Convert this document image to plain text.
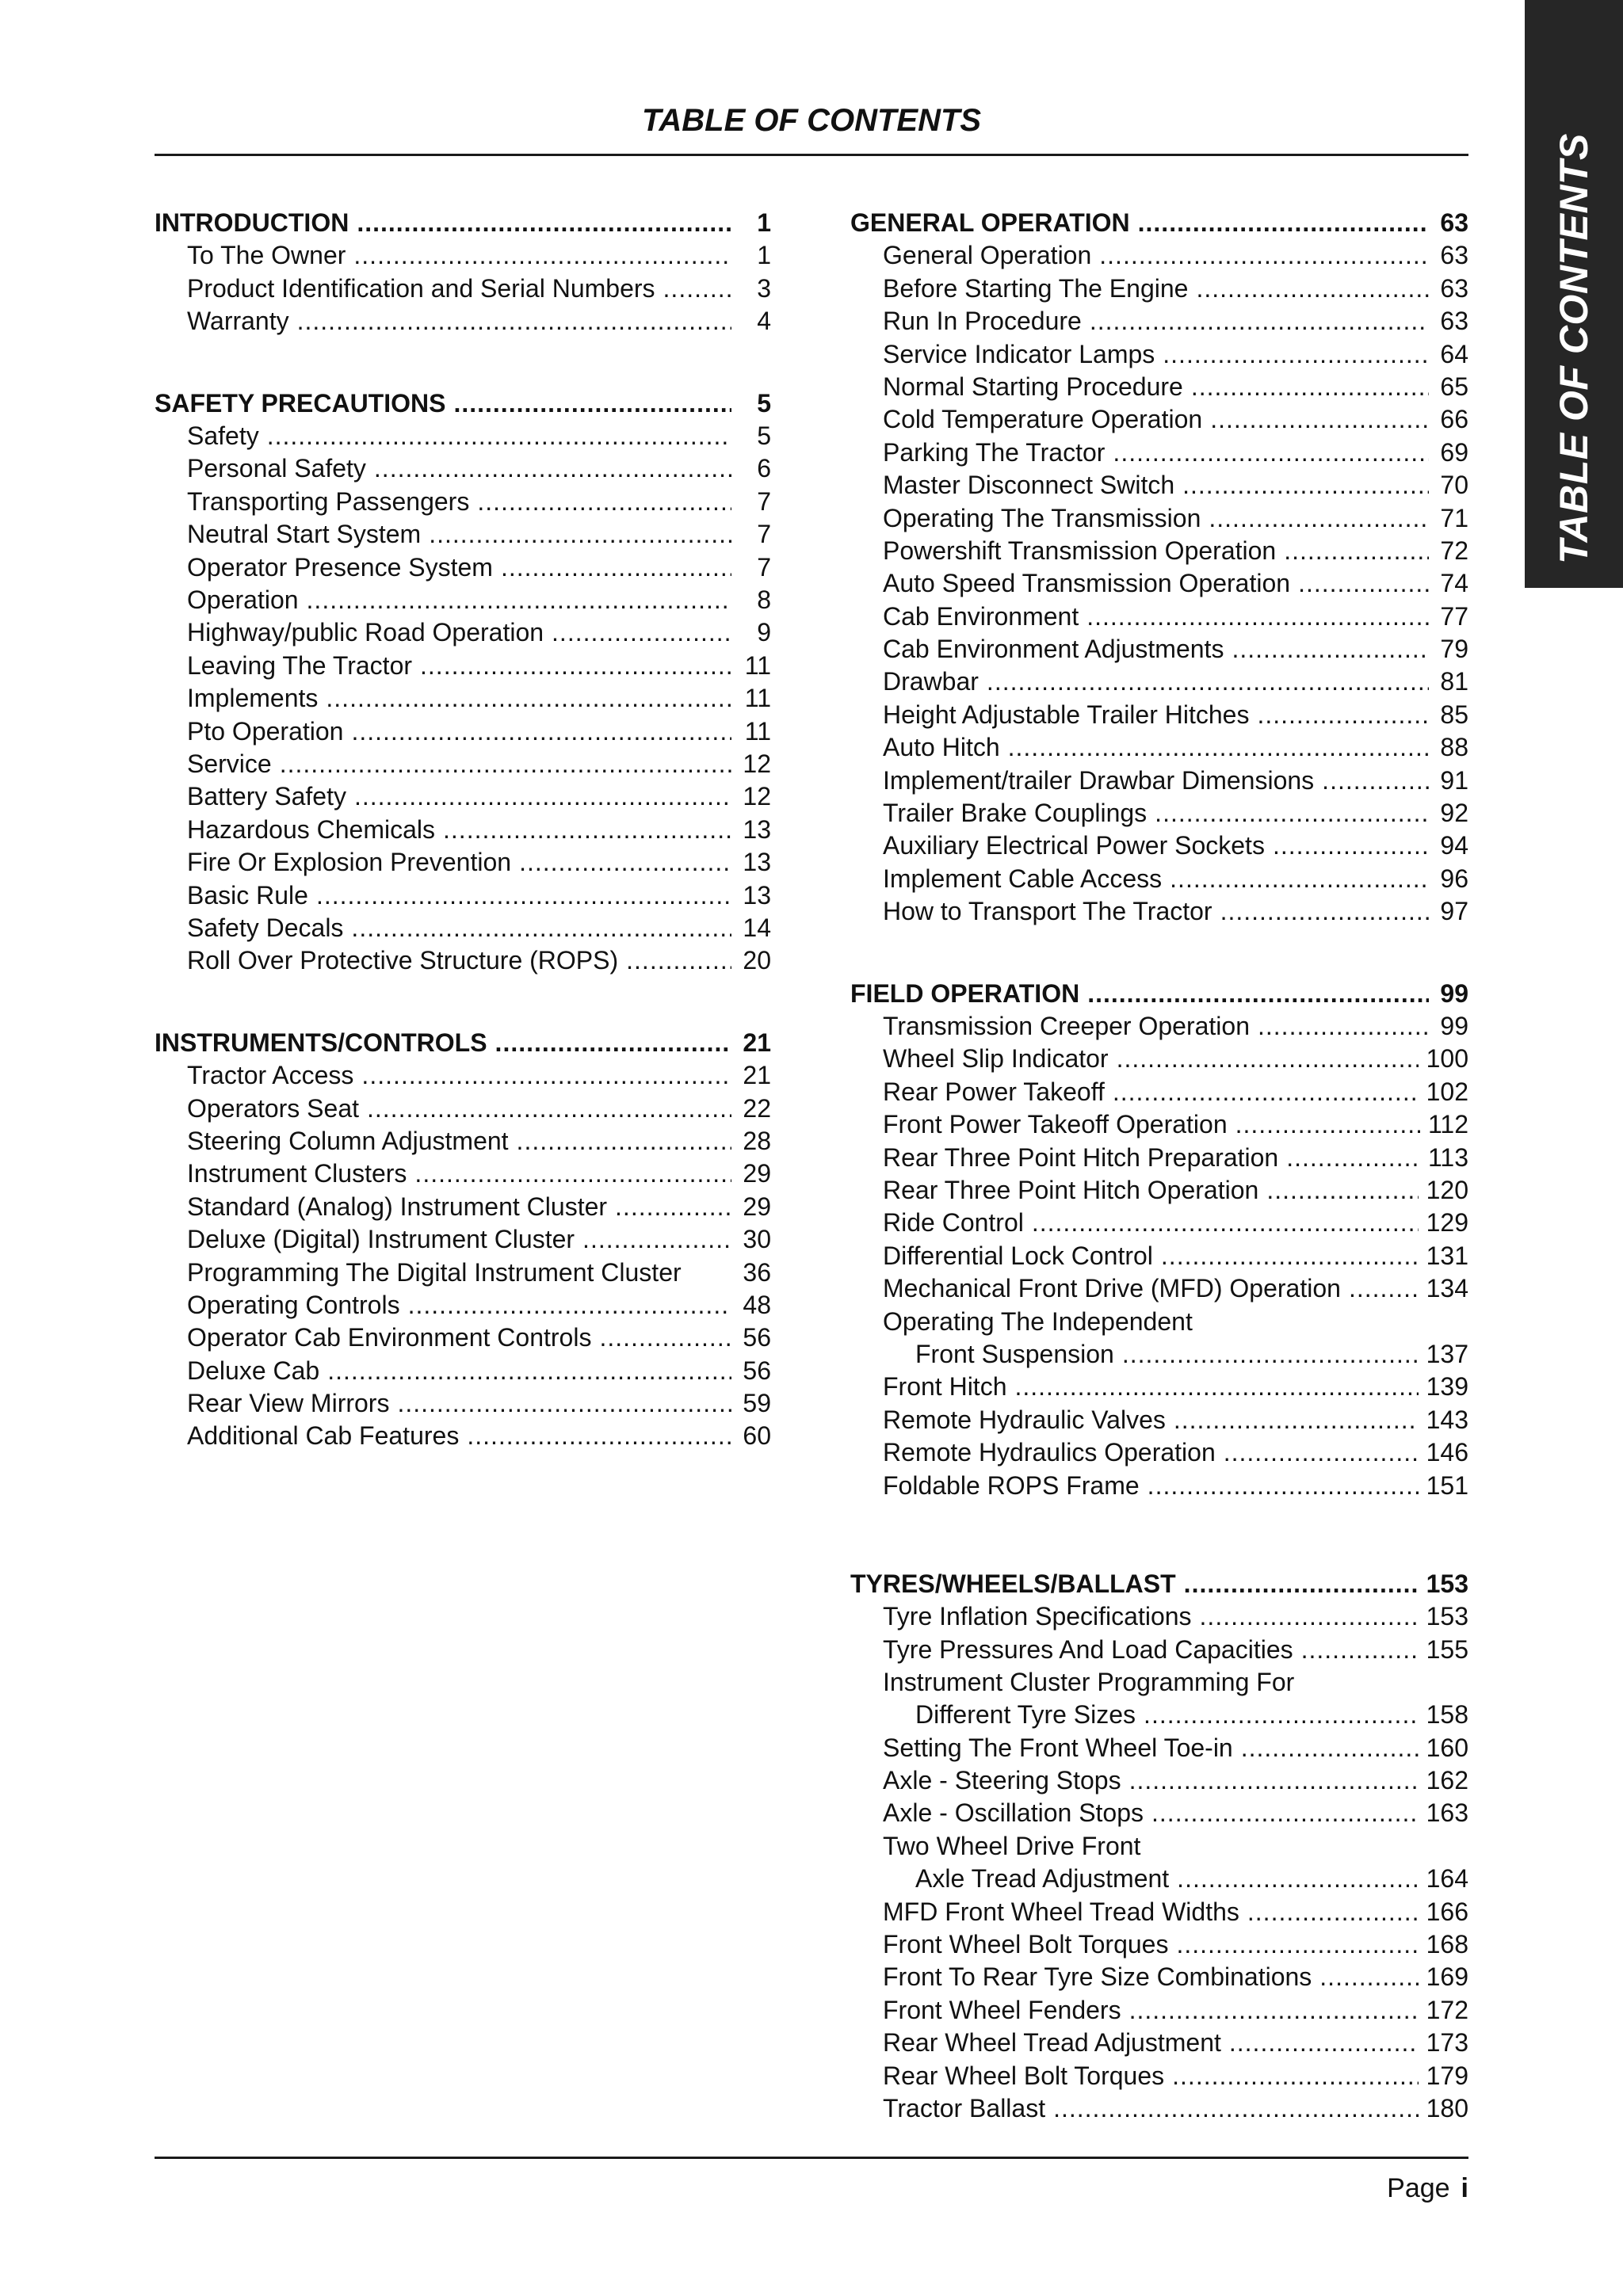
TABLE OF CONTENTS
TABLE OF CONTENTS
INTRODUCTION .....	1
To The Owner .....	1
Product Identification and Serial Numbers .....	3
Warranty .....	4
SAFETY PRECAUTIONS .....	5
Safety .....	5
Personal Safety .....	6
Transporting Passengers .....	7
Neutral Start System .....	7
Operator Presence System .....	7
Operation .....	8
Highway/public Road Operation .....	9
Leaving The Tractor .....	11
Implements .....	11
Pto Operation .....	11
Service .....	12
Battery Safety .....	12
Hazardous Chemicals .....	13
Fire Or Explosion Prevention .....	13
Basic Rule .....	13
Safety Decals .....	14
Roll Over Protective Structure (ROPS) .....	20
INSTRUMENTS/CONTROLS .....	21
Tractor Access .....	21
Operators Seat .....	22
Steering Column Adjustment .....	28
Instrument Clusters .....	29
Standard (Analog) Instrument Cluster .....	29
Deluxe (Digital) Instrument Cluster .....	30
Programming The Digital Instrument Cluster 36
Operating Controls .....	48
Operator Cab Environment Controls .....	56
Deluxe Cab .....	56
Rear View Mirrors .....	59
Additional Cab Features .....	60
GENERAL OPERATION .....	63
General Operation .....	63
Before Starting The Engine .....	63
Run In Procedure .....	63
Service Indicator Lamps .....	64
Normal Starting Procedure .....	65
Cold Temperature Operation .....	66
Parking The Tractor .....	69
Master Disconnect Switch .....	70
Operating The Transmission .....	71
Powershift Transmission Operation .....	72
Auto Speed Transmission Operation .....	74
Cab Environment .....	77
Cab Environment Adjustments .....	79
Drawbar .....	81
Height Adjustable Trailer Hitches .....	85
Auto Hitch .....	88
Implement/trailer Drawbar Dimensions .....	91
Trailer Brake Couplings .....	92
Auxiliary Electrical Power Sockets .....	94
Implement Cable Access .....	96
How to Transport The Tractor .....	97
FIELD OPERATION .....	99
Transmission Creeper Operation .....	99
Wheel Slip Indicator .....	100
Rear Power Takeoff .....	102
Front Power Takeoff Operation .....	112
Rear Three Point Hitch Preparation .....	113
Rear Three Point Hitch Operation .....	120
Ride Control .....	129
Differential Lock Control .....	131
Mechanical Front Drive (MFD) Operation .....	134
Operating The Independent
Front Suspension .....	137
Front Hitch .....	139
Remote Hydraulic Valves .....	143
Remote Hydraulics Operation .....	146
Foldable ROPS Frame .....	151
TYRES/WHEELS/BALLAST .....	153
Tyre Inflation Specifications .....	153
Tyre Pressures And Load Capacities .....	155
Instrument Cluster Programming For
Different Tyre Sizes .....	158
Setting The Front Wheel Toe-in .....	160
Axle - Steering Stops .....	162
Axle - Oscillation Stops .....	163
Two Wheel Drive Front
Axle Tread Adjustment .....	164
MFD Front Wheel Tread Widths .....	166
Front Wheel Bolt Torques .....	168
Front To Rear Tyre Size Combinations .....	169
Front Wheel Fenders .....	172
Rear Wheel Tread Adjustment .....	173
Rear Wheel Bolt Torques .....	179
Tractor Ballast .....	180
Page i
